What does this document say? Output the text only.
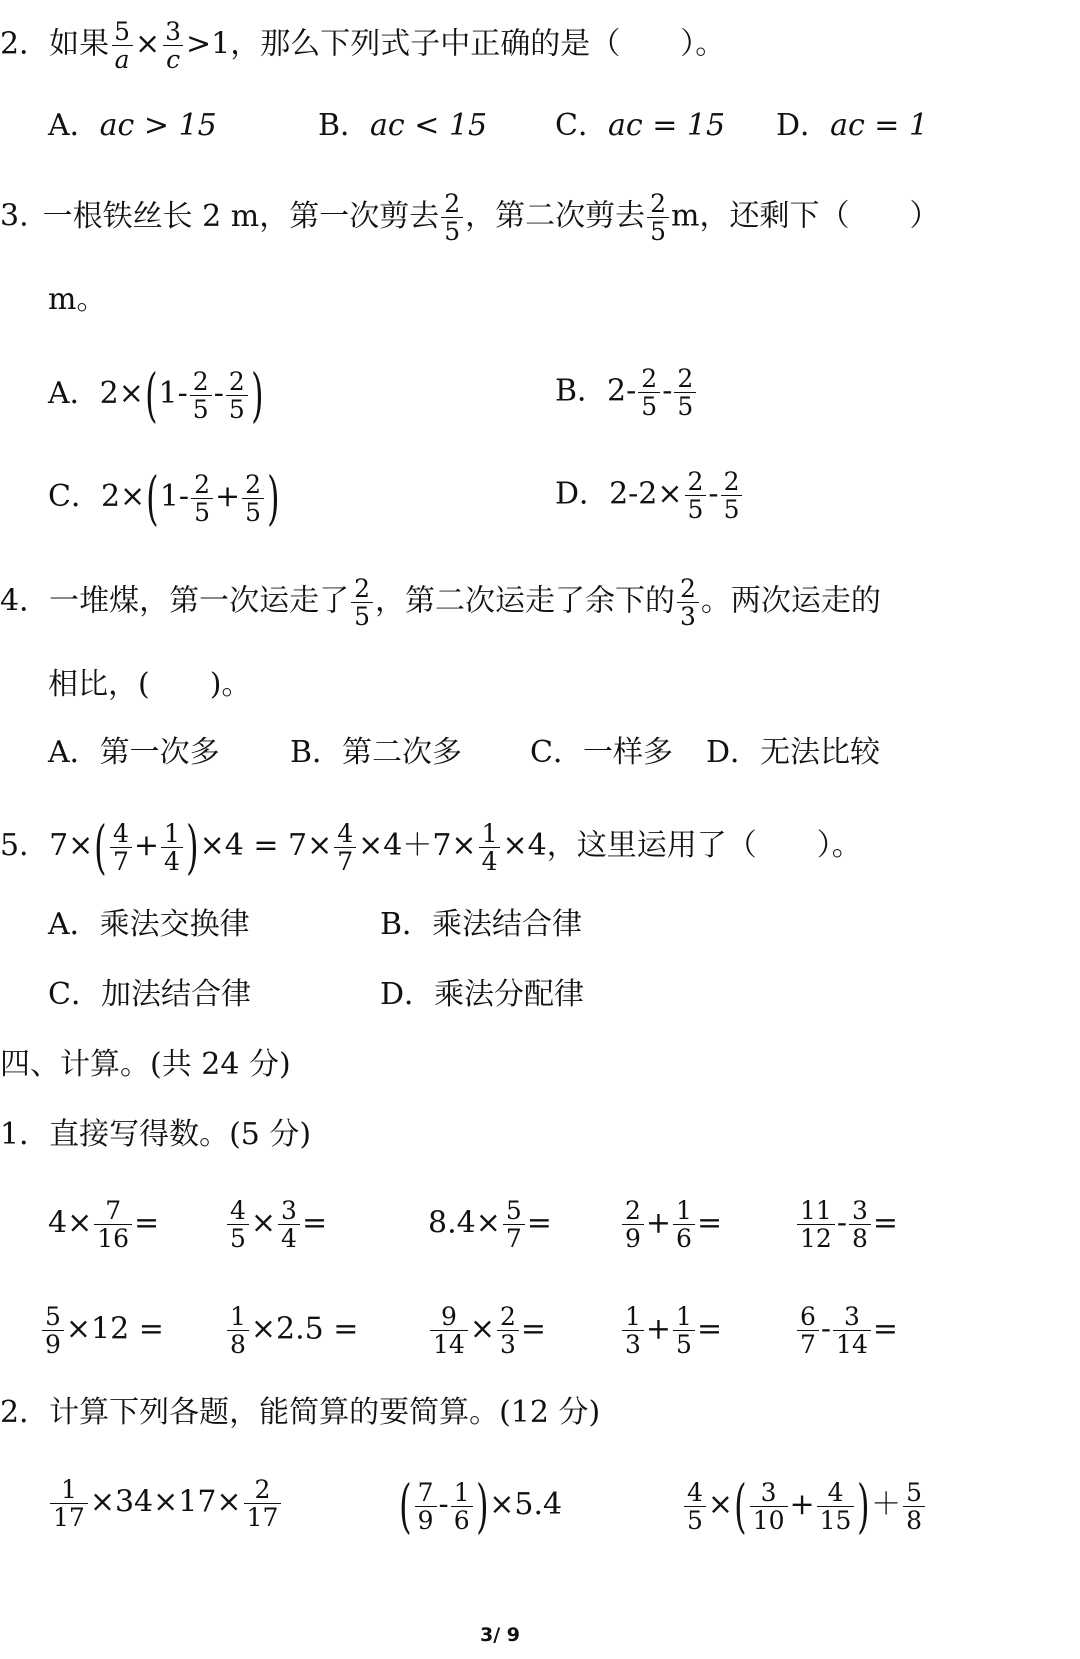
2．如果 $\frac{5}{a} \times \frac{3}{c} >1$，那么下列式子中正确的是（　　）。
A．ac > 15	B．ac < 15 C．ac = 15 D．ac = 1
3. 一根铁丝长 2 m，第一次剪去 $\frac{2}{5}$ ，第二次剪去 $\frac{2}{5}$ m，还剩下（　　）
m。
A．$2\times(1- \frac{2}{5} - \frac{2}{5}$ )	B．$2- \frac{2}{5} - \frac{2}{5}$
C．$2\times(1- \frac{2}{5} + \frac{2}{5}$ )	D．$2-2\times \frac{2}{5} - \frac{2}{5}$
4．一堆煤，第一次运走了 $\frac{2}{5}$ ，第二次运走了余下的 $\frac{2}{3}$ 。两次运走的
相比，(　　)。
A．第一次多 B．第二次多 C．一样多 D．无法比较
5．$7\times( \frac{4}{7} + \frac{1}{4} )\times 4 = 7\times \frac{4}{7} \times 4+7\times \frac{1}{4} \times 4$，这里运用了（　　）。
A．乘法交换律	B．乘法结合律
C．加法结合律	D．乘法分配律
四、计算。(共 24 分)
1．直接写得数。(5 分)
$4\times \frac{7}{16}$ =	$\frac{4}{5} \times \frac{3}{4}$ =	$8.4\times \frac{5}{7}$ =	$\frac{2}{9} + \frac{1}{6}$ =	$\frac{11}{12} - \frac{3}{8}$ =
$\frac{5}{9} \times 12$ =	$\frac{1}{8} \times 2.5$ =	$\frac{9}{14} \times \frac{2}{3}$ =	$\frac{1}{3} + \frac{1}{5}$ =	$\frac{6}{7} - \frac{3}{14}$ =
2．计算下列各题，能简算的要简算。(12 分)
$\frac{1}{17} \times 34\times 17\times \frac{2}{17}$ ( $\frac{7}{9} - \frac{1}{6} )\times 5.4$	$\frac{4}{5}$ ×( $\frac{3}{10} + \frac{4}{15}$ )＋ $\frac{5}{8}$
3/ 9
